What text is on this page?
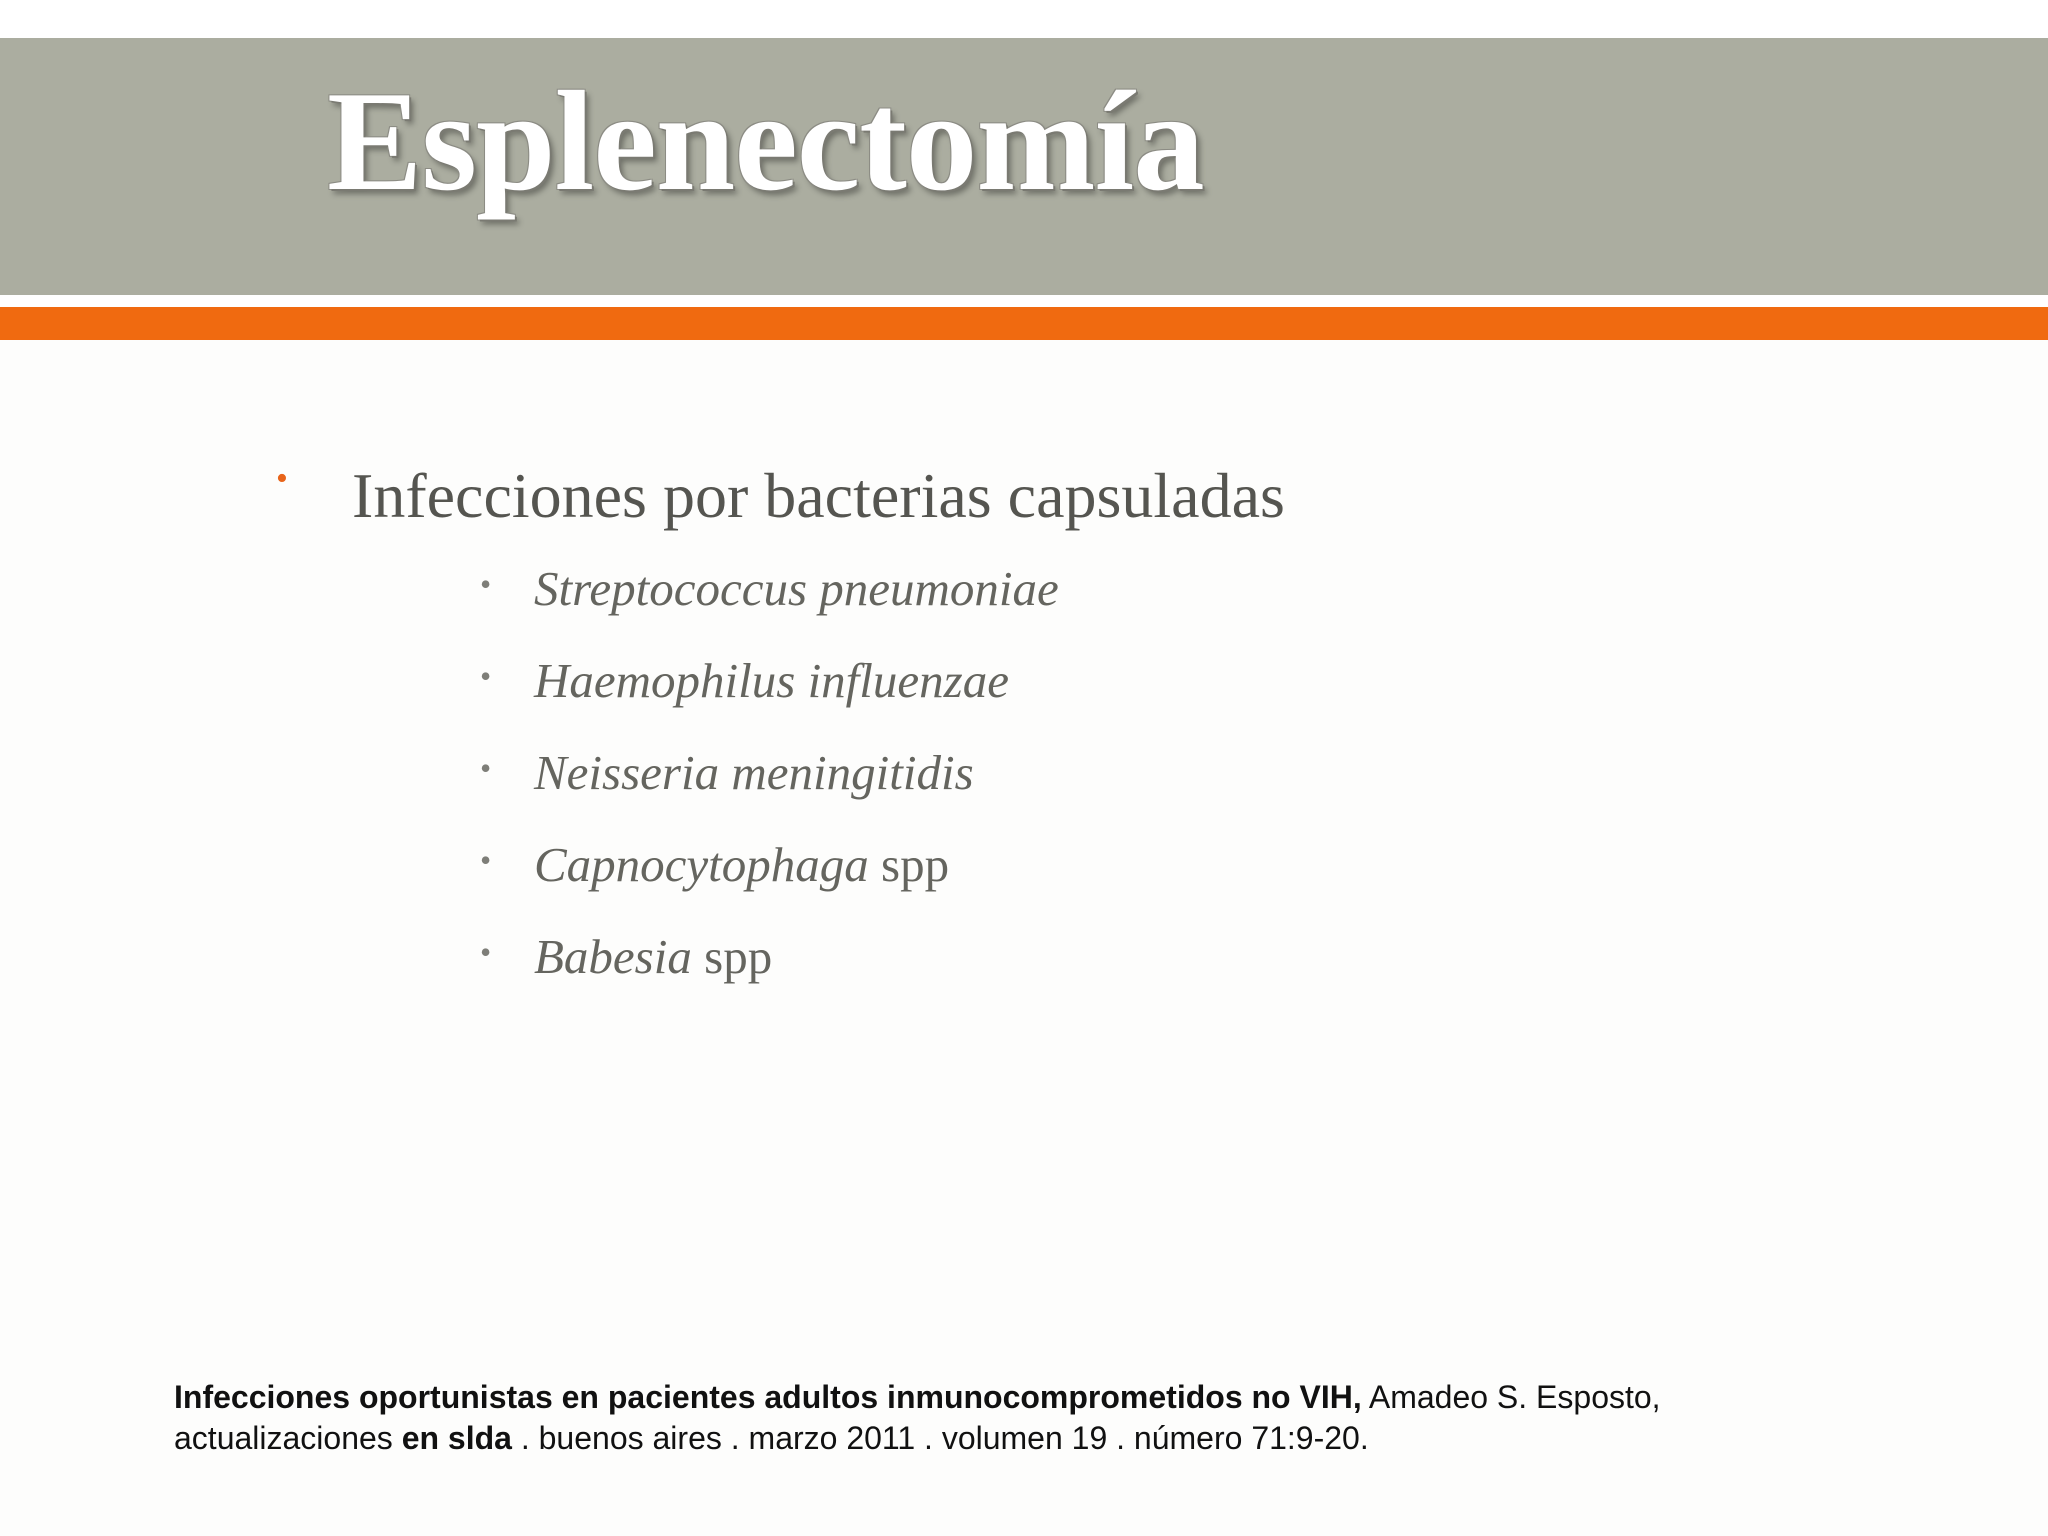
Esplenectomía
• Infecciones por bacterias capsuladas
• Streptococcus pneumoniae
• Haemophilus influenzae
• Neisseria meningitidis
• Capnocytophaga spp
• Babesia spp
Infecciones oportunistas en pacientes adultos inmunocomprometidos no VIH, Amadeo S. Esposto,
actualizaciones en slda . buenos aires . marzo 2011 . volumen 19 . número 71:9-20.
